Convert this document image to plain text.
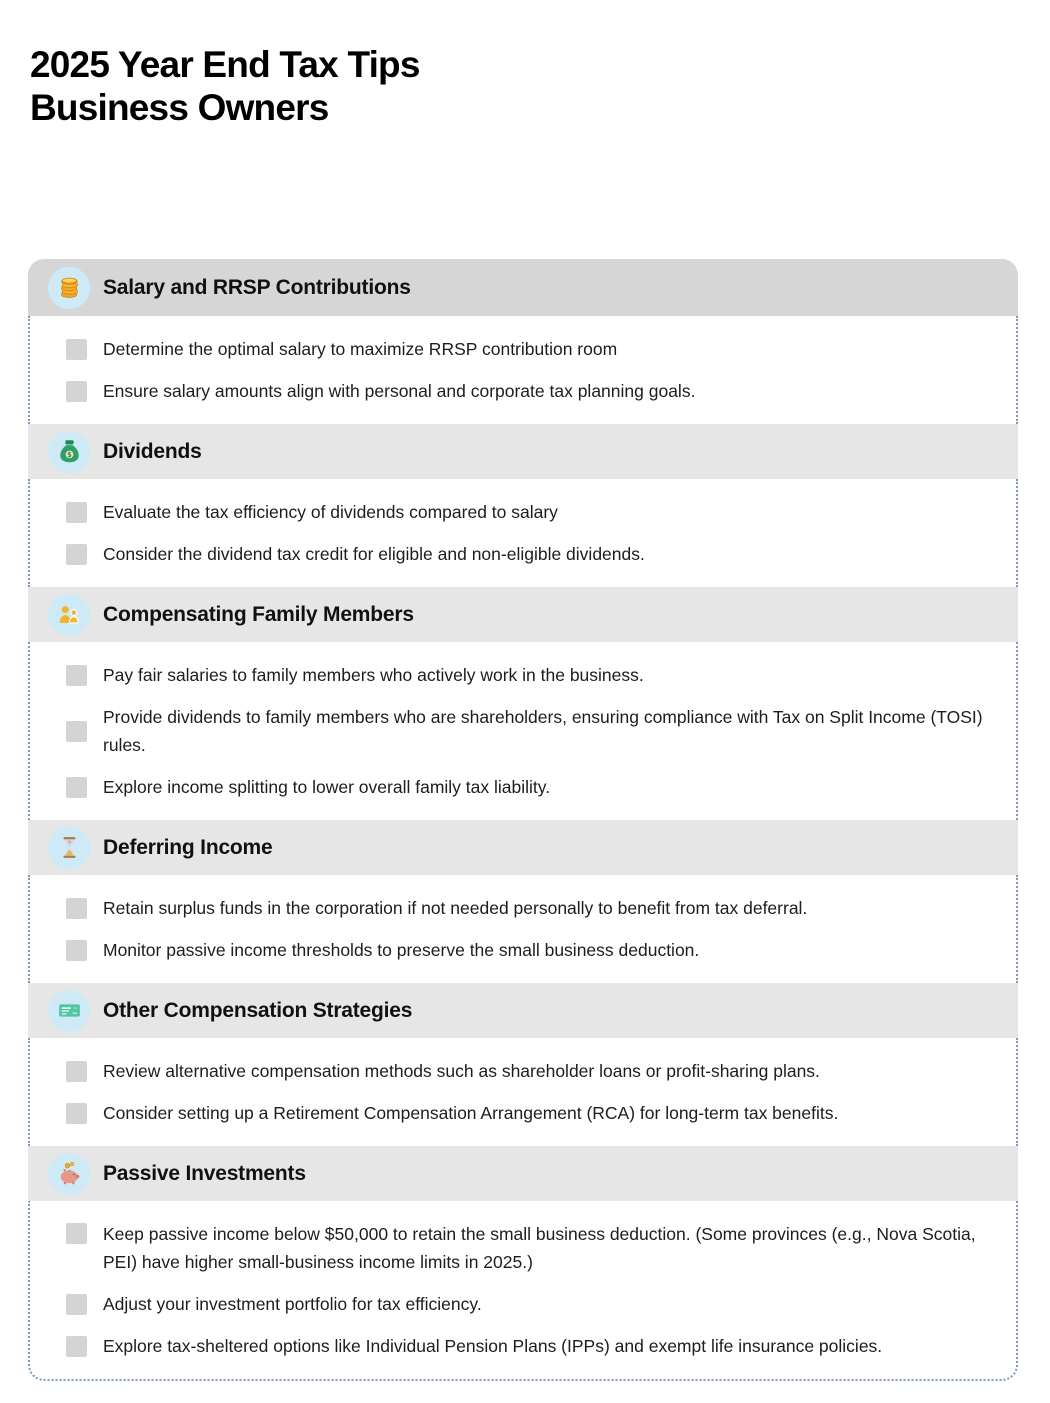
2025 Year End Tax Tips
Business Owners
Salary and RRSP Contributions
Determine the optimal salary to maximize RRSP contribution room
Ensure salary amounts align with personal and corporate tax planning goals.
$ Dividends
Evaluate the tax efficiency of dividends compared to salary
Consider the dividend tax credit for eligible and non-eligible dividends.
Compensating Family Members
Pay fair salaries to family members who actively work in the business.
Provide dividends to family members who are shareholders, ensuring compliance with Tax on Split Income (TOSI) rules.
Explore income splitting to lower overall family tax liability.
Deferring Income
Retain surplus funds in the corporation if not needed personally to benefit from tax deferral.
Monitor passive income thresholds to preserve the small business deduction.
Other Compensation Strategies
Review alternative compensation methods such as shareholder loans or profit-sharing plans.
Consider setting up a Retirement Compensation Arrangement (RCA) for long-term tax benefits.
Passive Investments
Keep passive income below $50,000 to retain the small business deduction. (Some provinces (e.g., Nova Scotia, PEI) have higher small-business income limits in 2025.)
Adjust your investment portfolio for tax efficiency.
Explore tax-sheltered options like Individual Pension Plans (IPPs) and exempt life insurance policies.
